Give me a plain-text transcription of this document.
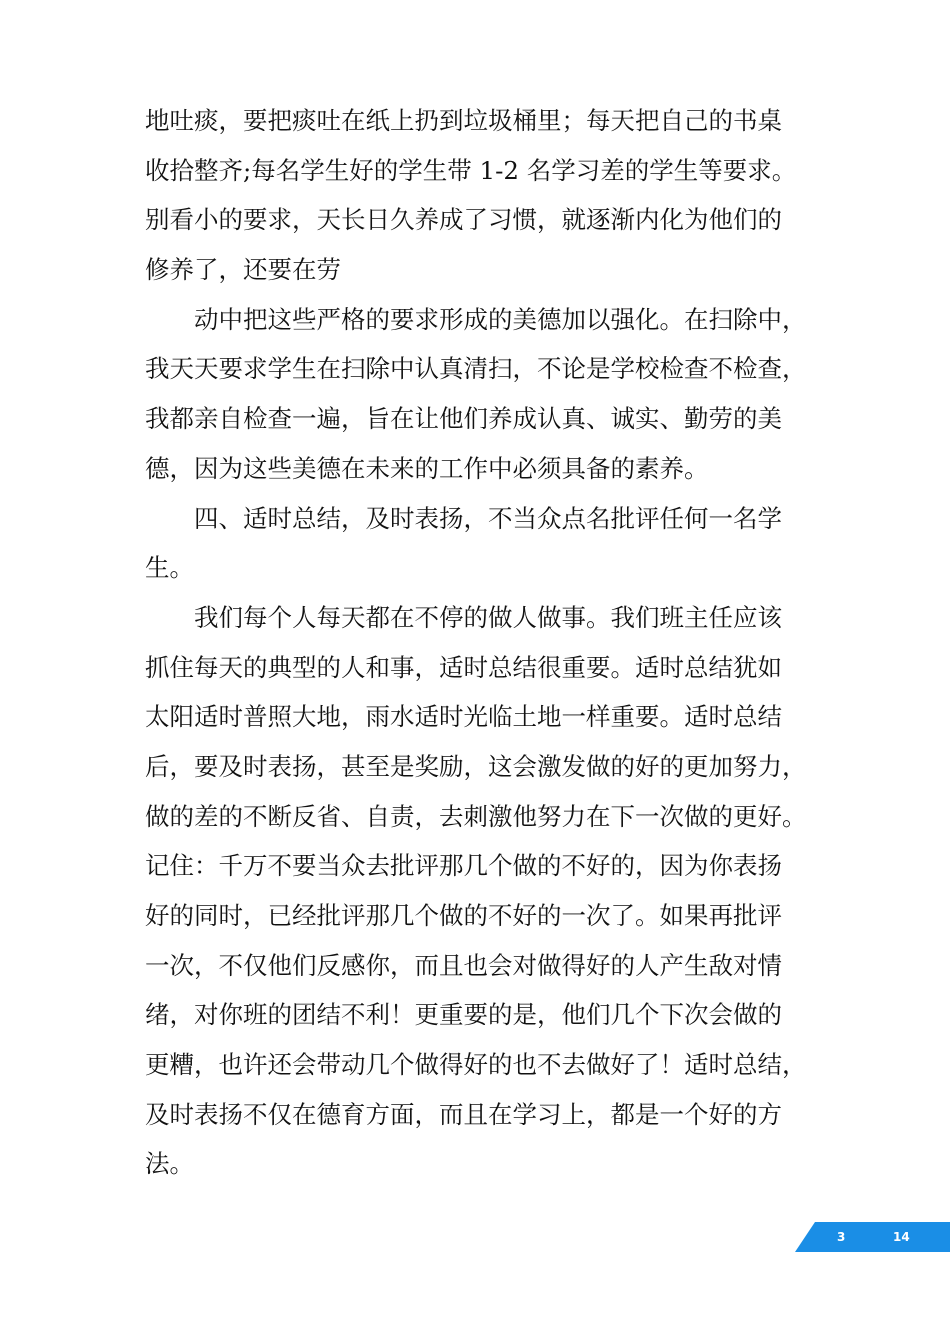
地吐痰，要把痰吐在纸上扔到垃圾桶里；每天把自己的书桌
收拾整齐;每名学生好的学生带 1-2 名学习差的学生等要求。
别看小的要求，天长日久养成了习惯，就逐渐内化为他们的
修养了，还要在劳
动中把这些严格的要求形成的美德加以强化。在扫除中，
我天天要求学生在扫除中认真清扫，不论是学校检查不检查，
我都亲自检查一遍，旨在让他们养成认真、诚实、勤劳的美
德，因为这些美德在未来的工作中必须具备的素养。
四、适时总结，及时表扬，不当众点名批评任何一名学
生。
我们每个人每天都在不停的做人做事。我们班主任应该
抓住每天的典型的人和事，适时总结很重要。适时总结犹如
太阳适时普照大地，雨水适时光临土地一样重要。适时总结
后，要及时表扬，甚至是奖励，这会激发做的好的更加努力，
做的差的不断反省、自责，去刺激他努力在下一次做的更好。
记住：千万不要当众去批评那几个做的不好的，因为你表扬
好的同时，已经批评那几个做的不好的一次了。如果再批评
一次，不仅他们反感你，而且也会对做得好的人产生敌对情
绪，对你班的团结不利！更重要的是，他们几个下次会做的
更糟，也许还会带动几个做得好的也不去做好了！适时总结，
及时表扬不仅在德育方面，而且在学习上，都是一个好的方
法。
3	14
